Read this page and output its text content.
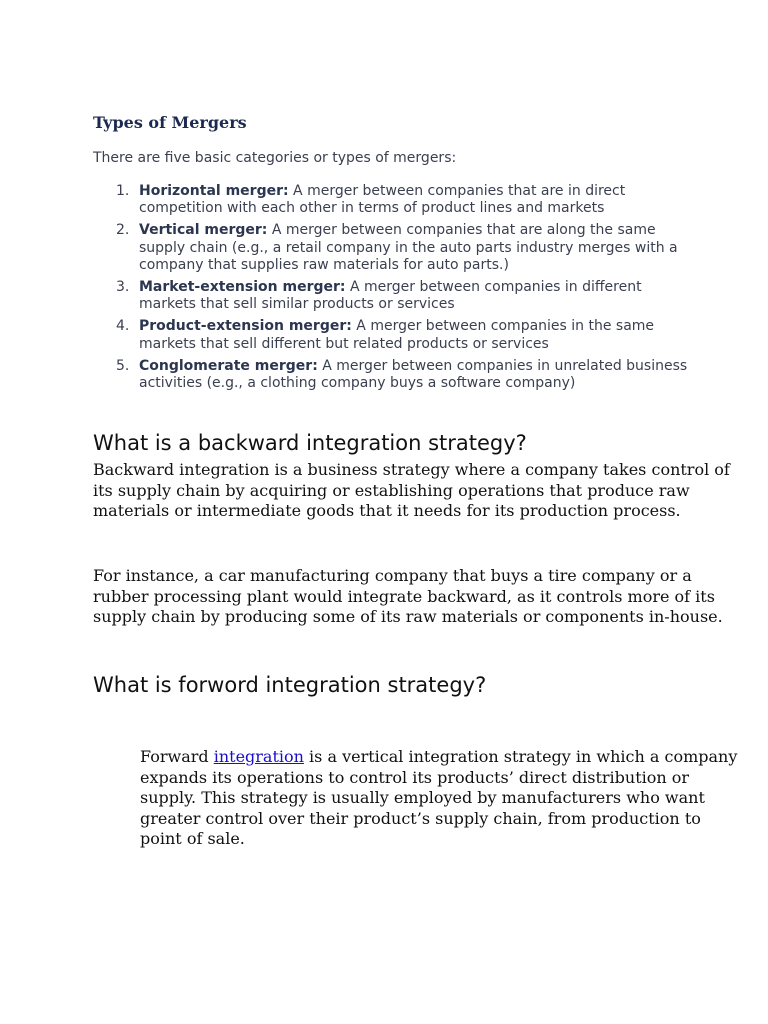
Types of Mergers

There are five basic categories or types of mergers:

1. Horizontal merger: A merger between companies that are in direct competition with each other in terms of product lines and markets
2. Vertical merger: A merger between companies that are along the same supply chain (e.g., a retail company in the auto parts industry merges with a company that supplies raw materials for auto parts.)
3. Market-extension merger: A merger between companies in different markets that sell similar products or services
4. Product-extension merger: A merger between companies in the same markets that sell different but related products or services
5. Conglomerate merger: A merger between companies in unrelated business activities (e.g., a clothing company buys a software company)
What is a backward integration strategy?

Backward integration is a business strategy where a company takes control of its supply chain by acquiring or establishing operations that produce raw materials or intermediate goods that it needs for its production process.

For instance, a car manufacturing company that buys a tire company or a rubber processing plant would integrate backward, as it controls more of its supply chain by producing some of its raw materials or components in-house.

What is forword integration strategy?

Forward integration is a vertical integration strategy in which a company expands its operations to control its products’ direct distribution or supply. This strategy is usually employed by manufacturers who want greater control over their product’s supply chain, from production to point of sale.
